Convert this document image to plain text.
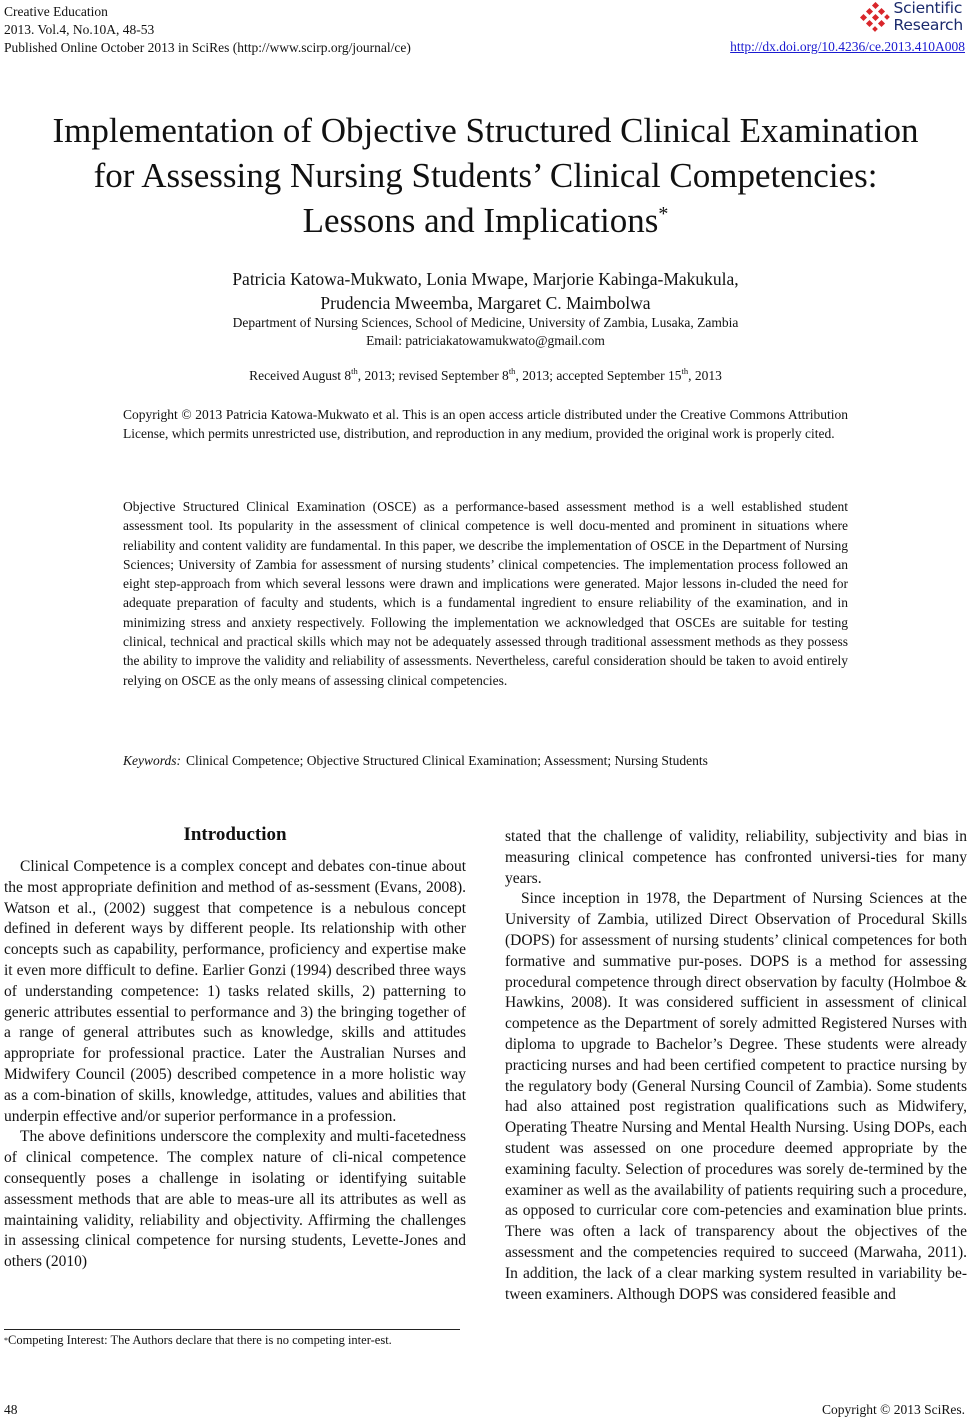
Creative Education
2013. Vol.4, No.10A, 48-53
Published Online October 2013 in SciRes (http://www.scirp.org/journal/ce)
Scientific
Research
http://dx.doi.org/10.4236/ce.2013.410A008
Implementation of Objective Structured Clinical Examination
for Assessing Nursing Students’ Clinical Competencies:
Lessons and Implications*
Patricia Katowa-Mukwato, Lonia Mwape, Marjorie Kabinga-Makukula,
Prudencia Mweemba, Margaret C. Maimbolwa
Department of Nursing Sciences, School of Medicine, University of Zambia, Lusaka, Zambia
Email: patriciakatowamukwato@gmail.com
Received August 8th, 2013; revised September 8th, 2013; accepted September 15th, 2013
Copyright © 2013 Patricia Katowa-Mukwato et al. This is an open access article distributed under the Creative Commons Attribution License, which permits unrestricted use, distribution, and reproduction in any medium, provided the original work is properly cited.
Objective Structured Clinical Examination (OSCE) as a performance-based assessment method is a well established student assessment tool. Its popularity in the assessment of clinical competence is well docu-mented and prominent in situations where reliability and content validity are fundamental. In this paper, we describe the implementation of OSCE in the Department of Nursing Sciences; University of Zambia for assessment of nursing students’ clinical competencies. The implementation process followed an eight step-approach from which several lessons were drawn and implications were generated. Major lessons in-cluded the need for adequate preparation of faculty and students, which is a fundamental ingredient to ensure reliability of the examination, and in minimizing stress and anxiety respectively. Following the implementation we acknowledged that OSCEs are suitable for testing clinical, technical and practical skills which may not be adequately assessed through traditional assessment methods as they possess the ability to improve the validity and reliability of assessments. Nevertheless, careful consideration should be taken to avoid entirely relying on OSCE as the only means of assessing clinical competencies.
Keywords: Clinical Competence; Objective Structured Clinical Examination; Assessment; Nursing Students
Introduction

Clinical Competence is a complex concept and debates con-tinue about the most appropriate definition and method of as-sessment (Evans, 2008). Watson et al., (2002) suggest that competence is a nebulous concept defined in deferent ways by different people. Its relationship with other concepts such as capability, performance, proficiency and expertise make it even more difficult to define. Earlier Gonzi (1994) described three ways of understanding competence: 1) tasks related skills, 2) patterning to generic attributes essential to performance and 3) the bringing together of a range of general attributes such as knowledge, skills and attitudes appropriate for professional practice. Later the Australian Nurses and Midwifery Council (2005) described competence in a more holistic way as a com-bination of skills, knowledge, attitudes, values and abilities that underpin effective and/or superior performance in a profession.

The above definitions underscore the complexity and multi-facetedness of clinical competence. The complex nature of cli-nical competence consequently poses a challenge in isolating or identifying suitable assessment methods that are able to meas-ure all its attributes as well as maintaining validity, reliability and objectivity. Affirming the challenges in assessing clinical competence for nursing students, Levette-Jones and others (2010)

stated that the challenge of validity, reliability, subjectivity and bias in measuring clinical competence has confronted universi-ties for many years.

Since inception in 1978, the Department of Nursing Sciences at the University of Zambia, utilized Direct Observation of Procedural Skills (DOPS) for assessment of nursing students’ clinical competences for both formative and summative pur-poses. DOPS is a method for assessing procedural competence through direct observation by faculty (Holmboe & Hawkins, 2008). It was considered sufficient in assessment of clinical competence as the Department of sorely admitted Registered Nurses with diploma to upgrade to Bachelor’s Degree. These students were already practicing nurses and had been certified competent to practice nursing by the regulatory body (General Nursing Council of Zambia). Some students had also attained post registration qualifications such as Midwifery, Operating Theatre Nursing and Mental Health Nursing. Using DOPs, each student was assessed on one procedure deemed appropriate by the examining faculty. Selection of procedures was sorely de-termined by the examiner as well as the availability of patients requiring such a procedure, as opposed to curricular core com-petencies and examination blue prints. There was often a lack of transparency about the objectives of the assessment and the competencies required to succeed (Marwaha, 2011). In addition, the lack of a clear marking system resulted in variability be-tween examiners. Although DOPS was considered feasible and

*Competing Interest: The Authors declare that there is no competing inter-est.
48	Copyright © 2013 SciRes.
